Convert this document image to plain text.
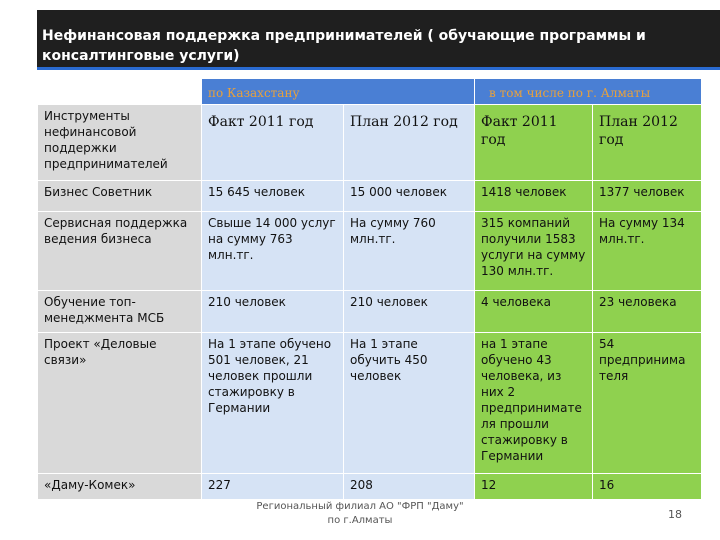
Нефинансовая поддержка предпринимателей ( обучающие программы и консалтинговые услуги)
	по Казахстану		в том числе по г. Алматы	
Инструменты нефинансовой поддержки предпринимателей	Факт 2011 год	План 2012 год	Факт 2011 год	План 2012 год
Бизнес Советник	15 645 человек	15 000 человек	1418 человек	1377 человек
Сервисная поддержка ведения бизнеса	Свыше 14 000 услуг на сумму 763 млн.тг.	На сумму 760 млн.тг.	315 компаний получили 1583 услуги на сумму 130 млн.тг.	На сумму 134 млн.тг.
Обучение топ-менеджмента МСБ	210 человек	210 человек	4 человека	23 человека
Проект «Деловые связи»	На 1 этапе обучено 501 человек, 21 человек прошли стажировку в Германии	На 1 этапе обучить 450 человек	на 1 этапе обучено 43 человека, из них 2 предпринимате ля прошли стажировку в Германии	54 предпринима теля
«Даму-Комек»	227	208	12	16
Региональный филиал АО "ФРП "Даму" по г.Алматы	18
